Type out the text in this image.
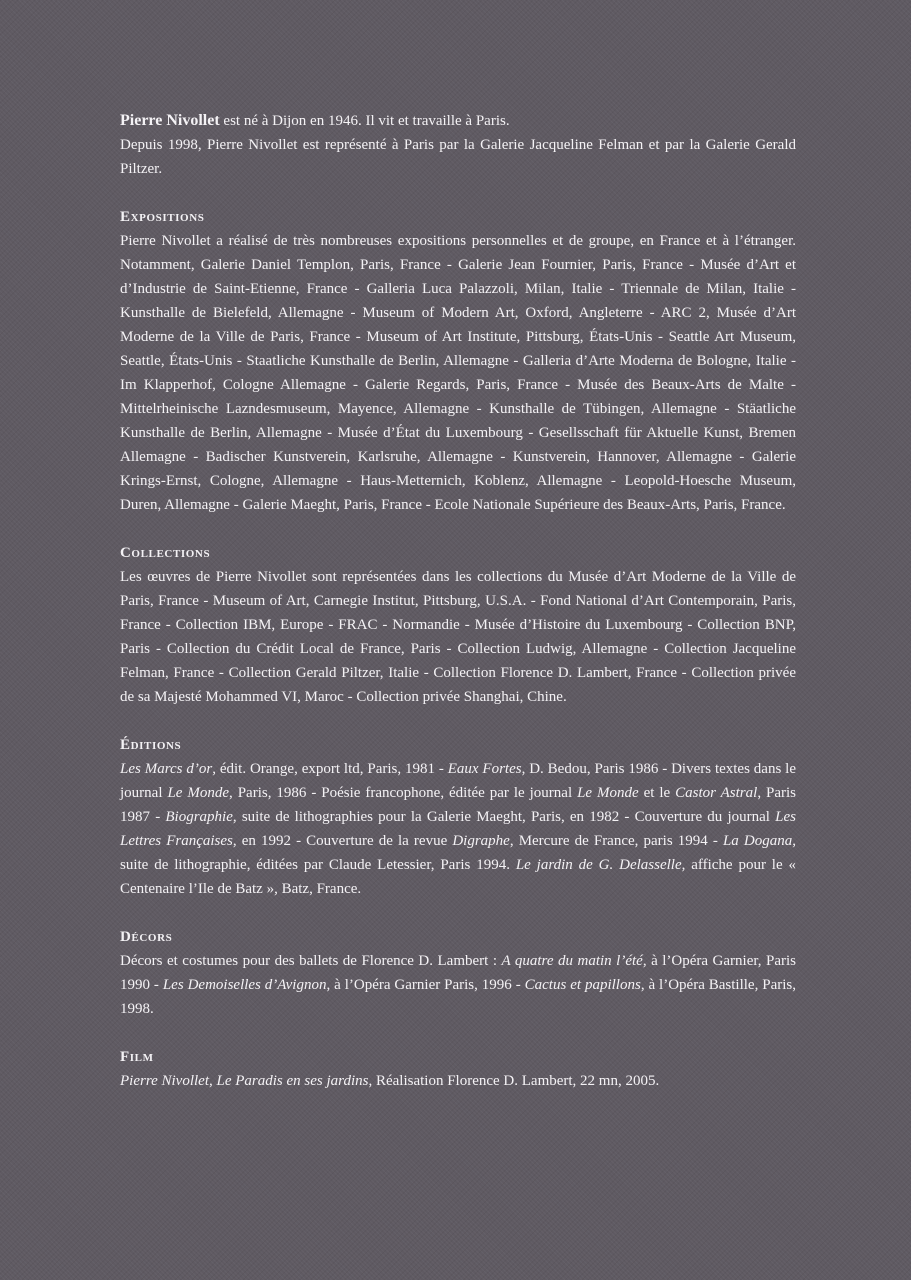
Pierre Nivollet est né à Dijon en 1946. Il vit et travaille à Paris.

Depuis 1998, Pierre Nivollet est représenté à Paris par la Galerie Jacqueline Felman et par la Galerie Gerald Piltzer.

Expositions

Pierre Nivollet a réalisé de très nombreuses expositions personnelles et de groupe, en France et à l’étranger. Notamment, Galerie Daniel Templon, Paris, France - Galerie Jean Fournier, Paris, France - Musée d’Art et d’Industrie de Saint-Etienne, France - Galleria Luca Palazzoli, Milan, Italie - Triennale de Milan, Italie - Kunsthalle de Bielefeld, Allemagne - Museum of Modern Art, Oxford, Angleterre - ARC 2, Musée d’Art Moderne de la Ville de Paris, France - Museum of Art Institute, Pittsburg, États-Unis - Seattle Art Museum, Seattle, États-Unis - Staatliche Kunsthalle de Berlin, Allemagne - Galleria d’Arte Moderna de Bologne, Italie - Im Klapperhof, Cologne Allemagne - Galerie Regards, Paris, France - Musée des Beaux-Arts de Malte - Mittelrheinische Lazndesmuseum, Mayence, Allemagne - Kunsthalle de Tübingen, Allemagne - Stäatliche Kunsthalle de Berlin, Allemagne - Musée d’État du Luxembourg - Gesellsschaft für Aktuelle Kunst, Bremen Allemagne - Badischer Kunstverein, Karlsruhe, Allemagne - Kunstverein, Hannover, Allemagne - Galerie Krings-Ernst, Cologne, Allemagne - Haus-Metternich, Koblenz, Allemagne - Leopold-Hoesche Museum, Duren, Allemagne - Galerie Maeght, Paris, France - Ecole Nationale Supérieure des Beaux-Arts, Paris, France.

Collections

Les œuvres de Pierre Nivollet sont représentées dans les collections du Musée d’Art Moderne de la Ville de Paris, France - Museum of Art, Carnegie Institut, Pittsburg, U.S.A. - Fond National d’Art Contemporain, Paris, France - Collection IBM, Europe - FRAC - Normandie - Musée d’Histoire du Luxembourg - Collection BNP, Paris - Collection du Crédit Local de France, Paris - Collection Ludwig, Allemagne - Collection Jacqueline Felman, France - Collection Gerald Piltzer, Italie - Collection Florence D. Lambert, France - Collection privée de sa Majesté Mohammed VI, Maroc - Collection privée Shanghai, Chine.

Éditions

Les Marcs d’or, édit. Orange, export ltd, Paris, 1981 - Eaux Fortes, D. Bedou, Paris 1986 - Divers textes dans le journal Le Monde, Paris, 1986 - Poésie francophone, éditée par le journal Le Monde et le Castor Astral, Paris 1987 - Biographie, suite de lithographies pour la Galerie Maeght, Paris, en 1982 - Couverture du journal Les Lettres Françaises, en 1992 - Couverture de la revue Digraphe, Mercure de France, paris 1994 - La Dogana, suite de lithographie, éditées par Claude Letessier, Paris 1994. Le jardin de G. Delasselle, affiche pour le « Centenaire l’Ile de Batz », Batz, France.

Décors

Décors et costumes pour des ballets de Florence D. Lambert : A quatre du matin l’été, à l’Opéra Garnier, Paris 1990 - Les Demoiselles d’Avignon, à l’Opéra Garnier Paris, 1996 - Cactus et papillons, à l’Opéra Bastille, Paris, 1998.

Film

Pierre Nivollet, Le Paradis en ses jardins, Réalisation Florence D. Lambert, 22 mn, 2005.
